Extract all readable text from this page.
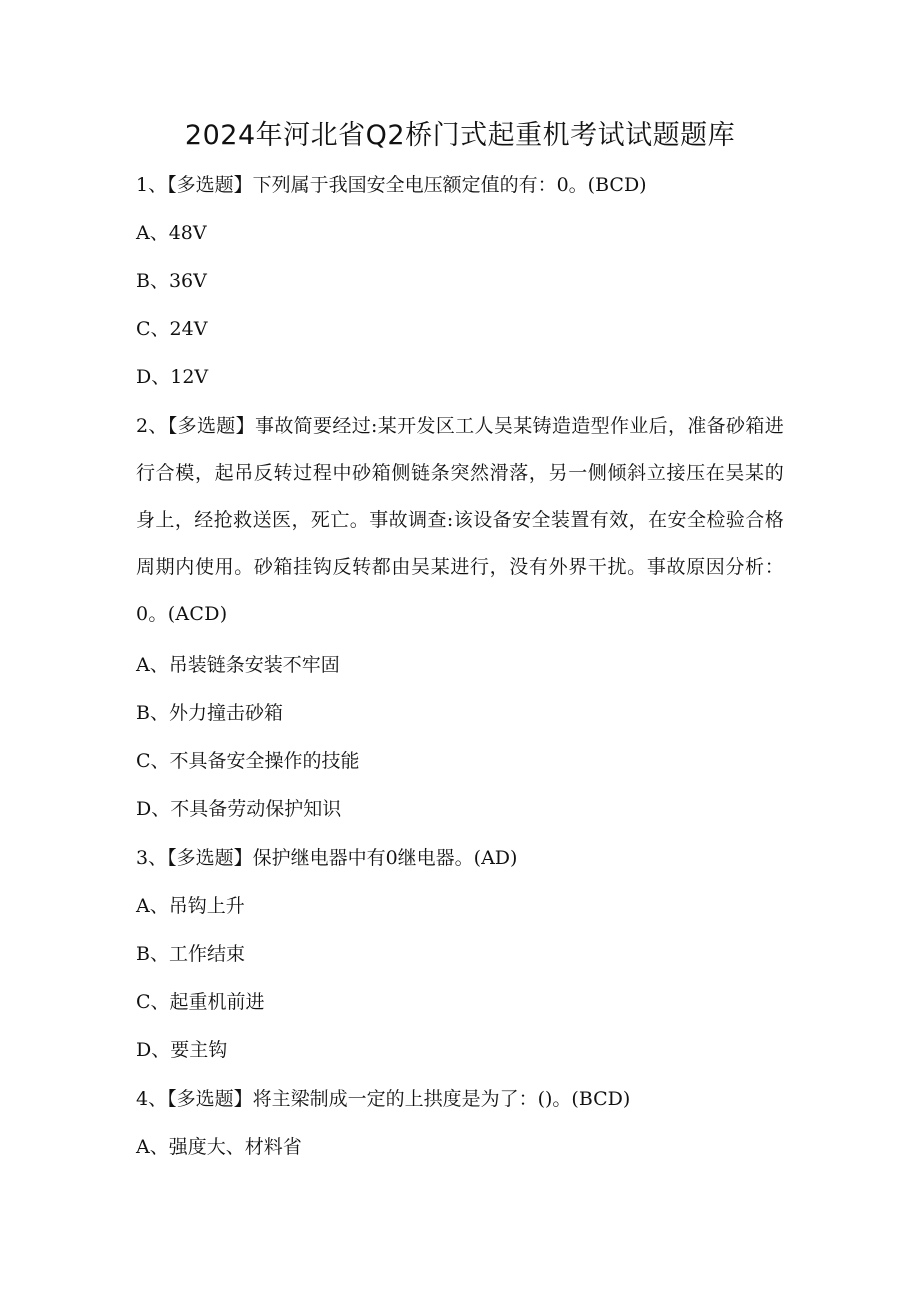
2024年河北省Q2桥门式起重机考试试题题库
1、【多选题】下列属于我国安全电压额定值的有：0。(BCD)
A、48V
B、36V
C、24V
D、12V
2、【多选题】事故简要经过:某开发区工人吴某铸造造型作业后，准备砂箱进行合模，起吊反转过程中砂箱侧链条突然滑落，另一侧倾斜立接压在吴某的身上，经抢救送医，死亡。事故调查:该设备安全装置有效，在安全检验合格周期内使用。砂箱挂钩反转都由吴某进行，没有外界干扰。事故原因分析：0。(ACD)
A、吊装链条安装不牢固
B、外力撞击砂箱
C、不具备安全操作的技能
D、不具备劳动保护知识
3、【多选题】保护继电器中有0继电器。(AD)
A、吊钩上升
B、工作结束
C、起重机前进
D、要主钩
4、【多选题】将主梁制成一定的上拱度是为了：()。(BCD)
A、强度大、材料省
